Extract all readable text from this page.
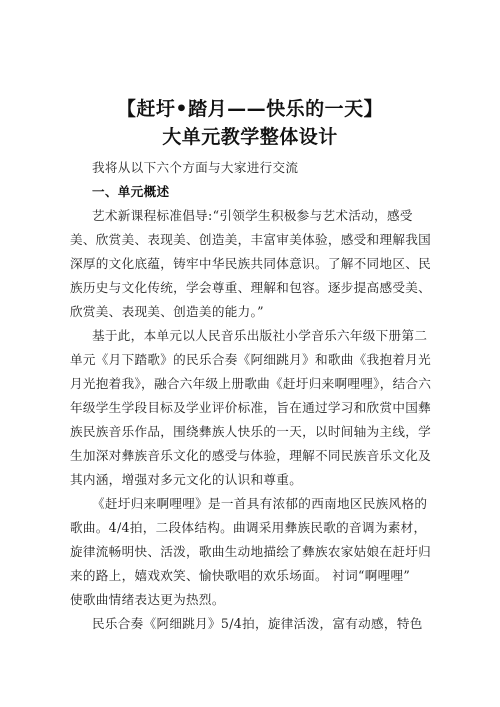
【赶圩•踏月——快乐的一天】
大单元教学整体设计
我将从以下六个方面与大家进行交流
一、单元概述
艺术新课程标准倡导:“引领学生积极参与艺术活动，感受
美、欣赏美、表现美、创造美，丰富审美体验，感受和理解我国
深厚的文化底蕴，铸牢中华民族共同体意识。了解不同地区、民
族历史与文化传统，学会尊重、理解和包容。逐步提高感受美、
欣赏美、表现美、创造美的能力。”
基于此，本单元以人民音乐出版社小学音乐六年级下册第二
单元《月下踏歌》的民乐合奏《阿细跳月》和歌曲《我抱着月光
月光抱着我》，融合六年级上册歌曲《赶圩归来啊哩哩》，结合六
年级学生学段目标及学业评价标准，旨在通过学习和欣赏中国彝
族民族音乐作品，围绕彝族人快乐的一天，以时间轴为主线，学
生加深对彝族音乐文化的感受与体验，理解不同民族音乐文化及
其内涵，增强对多元文化的认识和尊重。
《赶圩归来啊哩哩》是一首具有浓郁的西南地区民族风格的
歌曲。4/4拍，二段体结构。曲调采用彝族民歌的音调为素材，
旋律流畅明快、活泼，歌曲生动地描绘了彝族农家姑娘在赶圩归
来的路上，嬉戏欢笑、愉快歌唱的欢乐场面。 衬词“啊哩哩”
使歌曲情绪表达更为热烈。
民乐合奏《阿细跳月》5/4拍，旋律活泼，富有动感，特色
